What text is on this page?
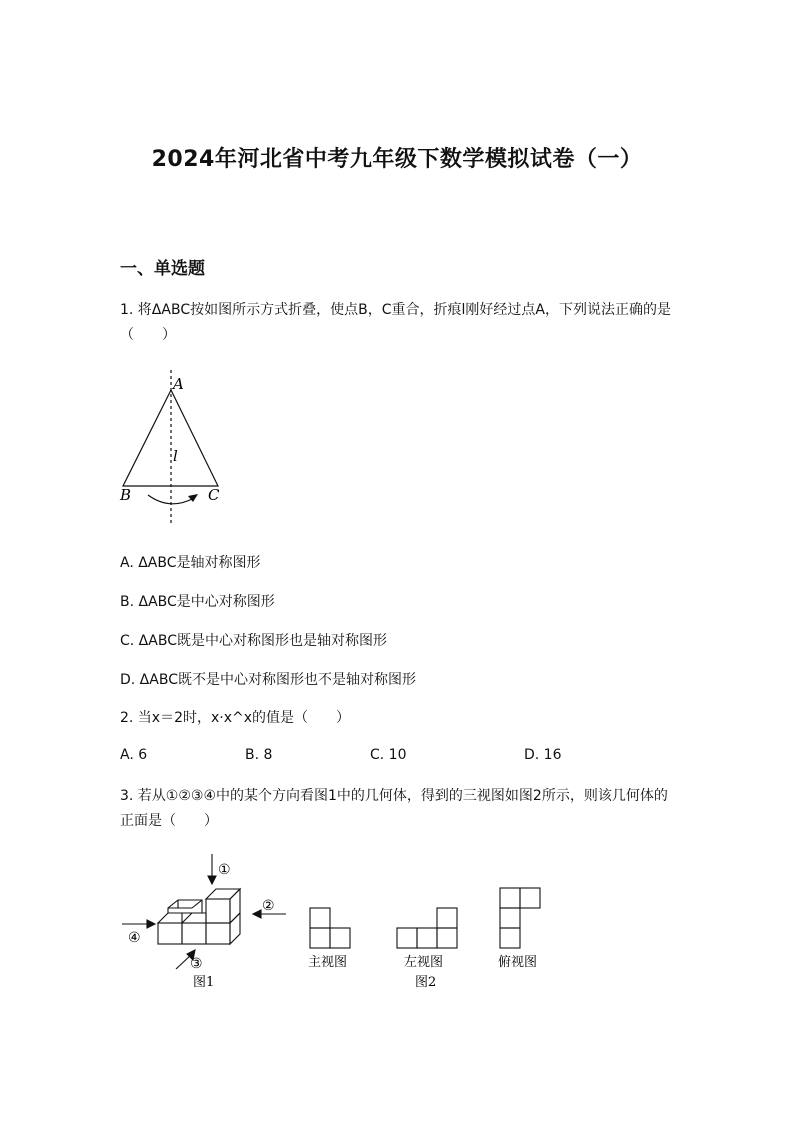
2024年河北省中考九年级下数学模拟试卷（一）
一、单选题
1. 将ΔABC按如图所示方式折叠，使点B，C重合，折痕l刚好经过点A，下列说法正确的是（　　）
A
B	C
l
A. ΔABC是轴对称图形
B. ΔABC是中心对称图形
C. ΔABC既是中心对称图形也是轴对称图形
D. ΔABC既不是中心对称图形也不是轴对称图形
2. 当x＝2时，x·x^x的值是（　　）
A. 6	B. 8	C. 10	D. 16
3. 若从①②③④中的某个方向看图1中的几何体，得到的三视图如图2所示，则该几何体的正面是（　　）
①
②
④
③
图1
主视图	左视图	俯视图
图2
